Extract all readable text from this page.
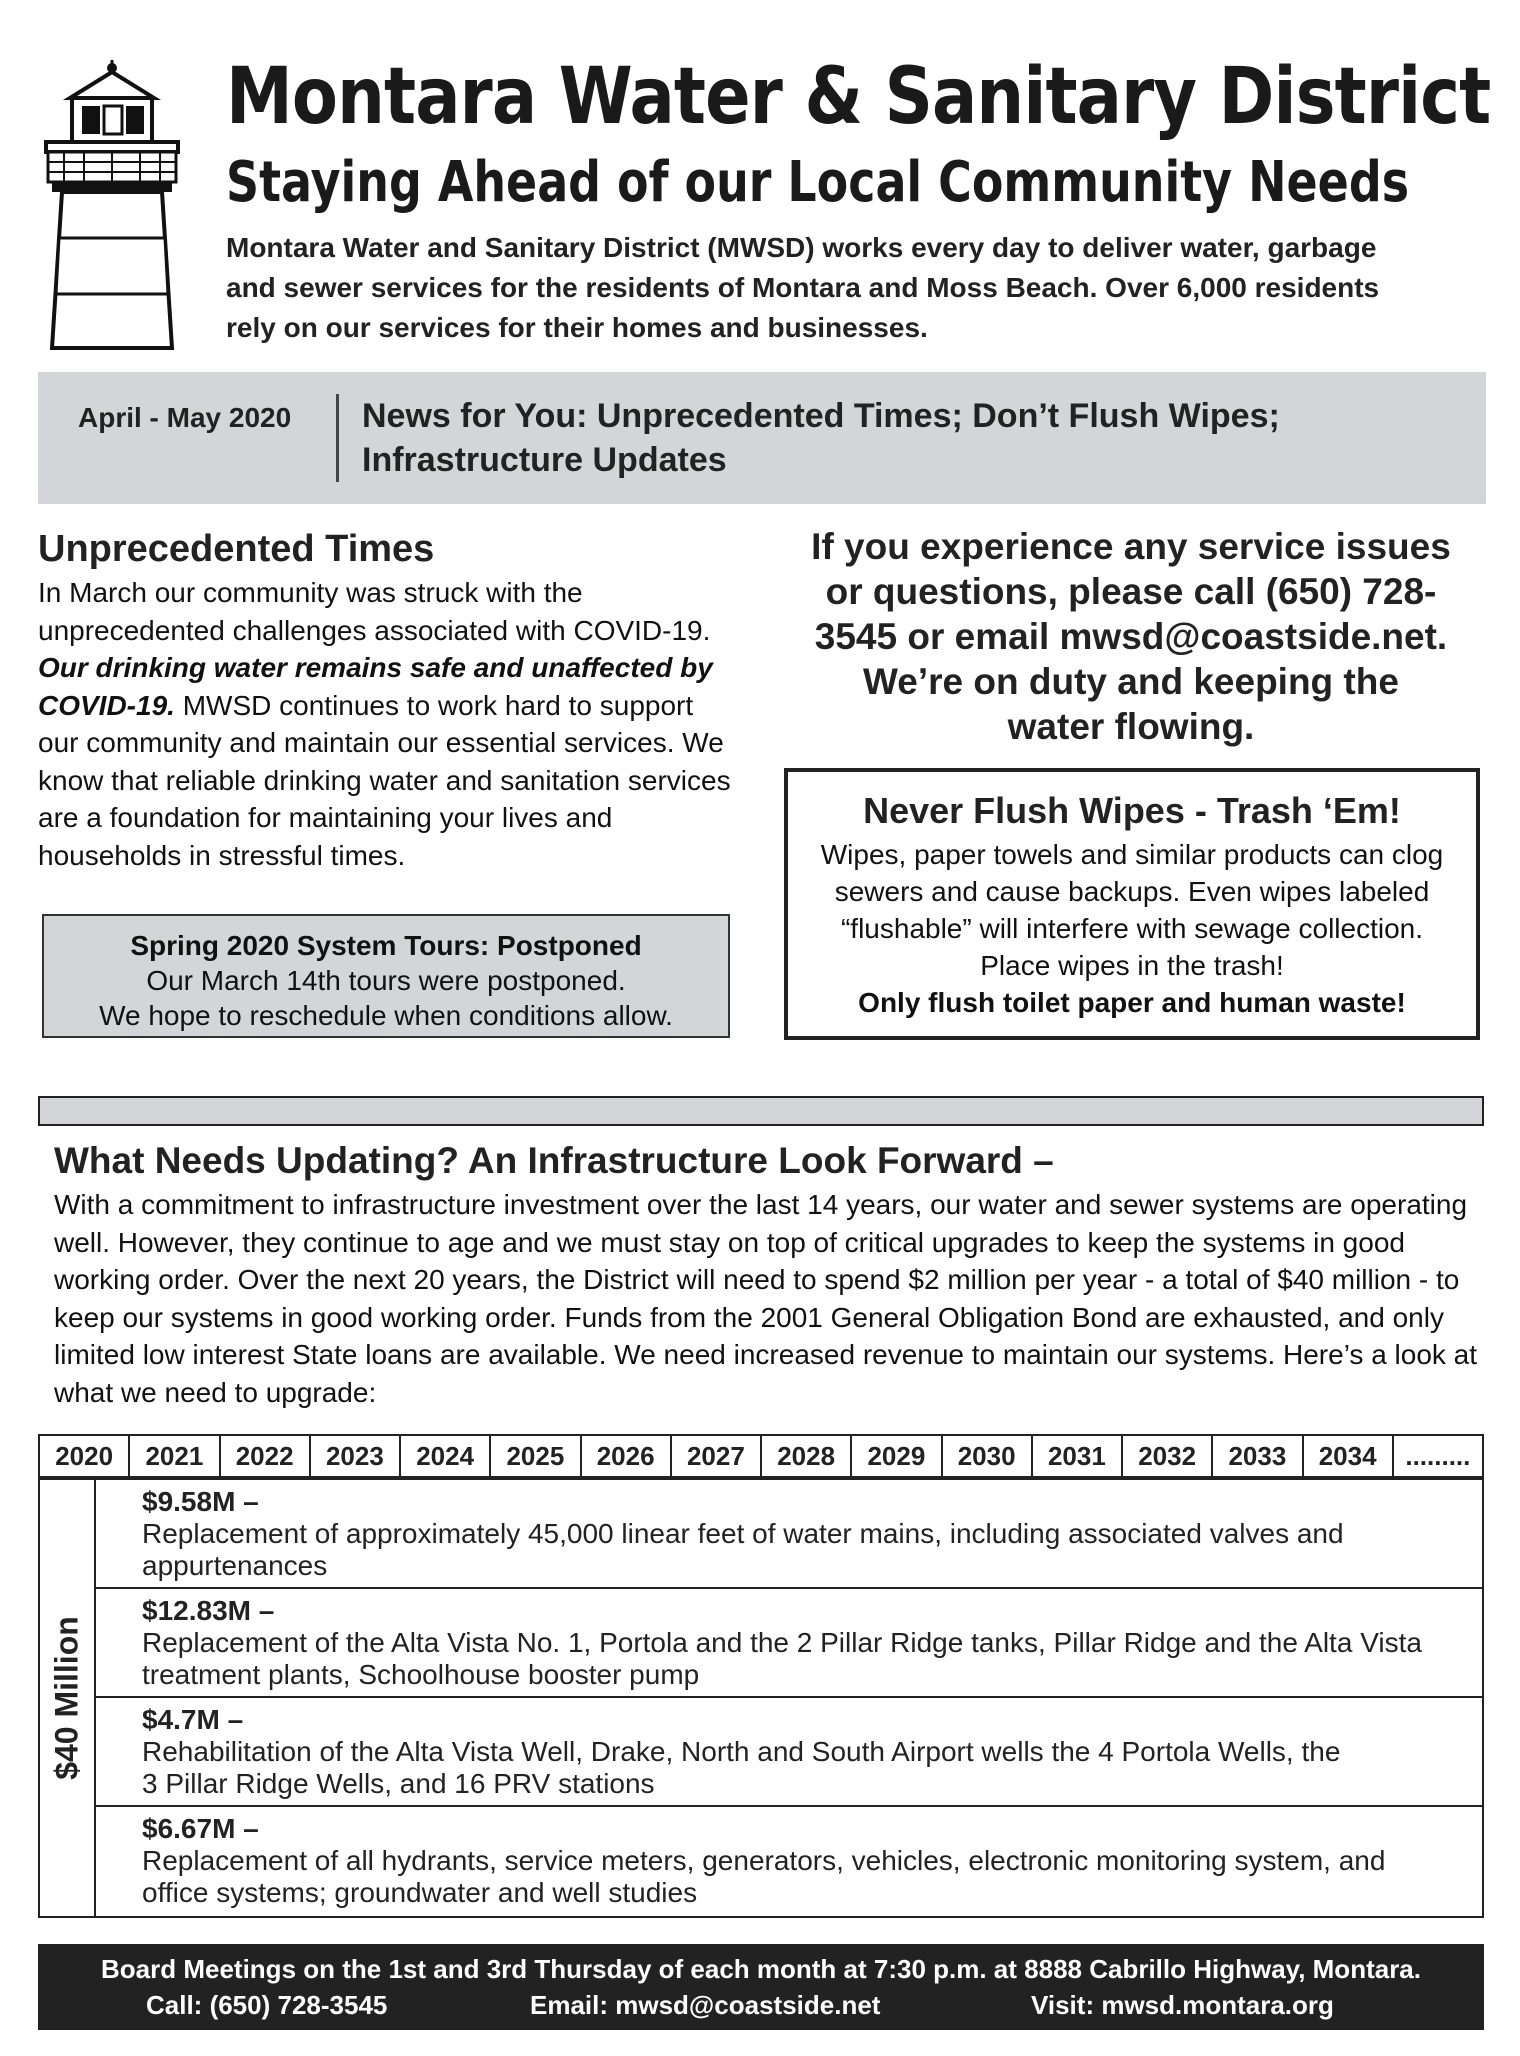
Montara Water & Sanitary District
Staying Ahead of our Local Community Needs
Montara Water and Sanitary District (MWSD) works every day to deliver water, garbage
and sewer services for the residents of Montara and Moss Beach. Over 6,000 residents
rely on our services for their homes and businesses.
April - May 2020 News for You: Unprecedented Times; Don’t Flush Wipes;
Infrastructure Updates
Unprecedented Times
In March our community was struck with the unprecedented challenges associated with COVID-19. Our drinking water remains safe and unaffected by COVID-19. MWSD continues to work hard to support our community and maintain our essential services. We know that reliable drinking water and sanitation services are a foundation for maintaining your lives and households in stressful times.
Spring 2020 System Tours: Postponed
Our March 14th tours were postponed.
We hope to reschedule when conditions allow.
If you experience any service issues
or questions, please call (650) 728-
3545 or email mwsd@coastside.net.
We’re on duty and keeping the
water flowing.
Never Flush Wipes - Trash ‘Em!
Wipes, paper towels and similar products can clog sewers and cause backups. Even wipes labeled “flushable” will interfere with sewage collection. Place wipes in the trash!
Only flush toilet paper and human waste!
What Needs Updating? An Infrastructure Look Forward –
With a commitment to infrastructure investment over the last 14 years, our water and sewer systems are operating well. However, they continue to age and we must stay on top of critical upgrades to keep the systems in good working order. Over the next 20 years, the District will need to spend $2 million per year - a total of $40 million - to keep our systems in good working order. Funds from the 2001 General Obligation Bond are exhausted, and only limited low interest State loans are available. We need increased revenue to maintain our systems. Here’s a look at what we need to upgrade:
2020	2021	2022	2023	2024	2025	2026	2027	2028	2029	2030	2031	2032	2033	2034	.........
$40 Million
$9.58M –
Replacement of approximately 45,000 linear feet of water mains, including associated valves and
appurtenances
$12.83M –
Replacement of the Alta Vista No. 1, Portola and the 2 Pillar Ridge tanks, Pillar Ridge and the Alta Vista
treatment plants, Schoolhouse booster pump
$4.7M –
Rehabilitation of the Alta Vista Well, Drake, North and South Airport wells the 4 Portola Wells, the
3 Pillar Ridge Wells, and 16 PRV stations
$6.67M –
Replacement of all hydrants, service meters, generators, vehicles, electronic monitoring system, and
office systems; groundwater and well studies
Board Meetings on the 1st and 3rd Thursday of each month at 7:30 p.m. at 8888 Cabrillo Highway, Montara.
Call: (650) 728-3545	Email: mwsd@coastside.net	Visit: mwsd.montara.org
